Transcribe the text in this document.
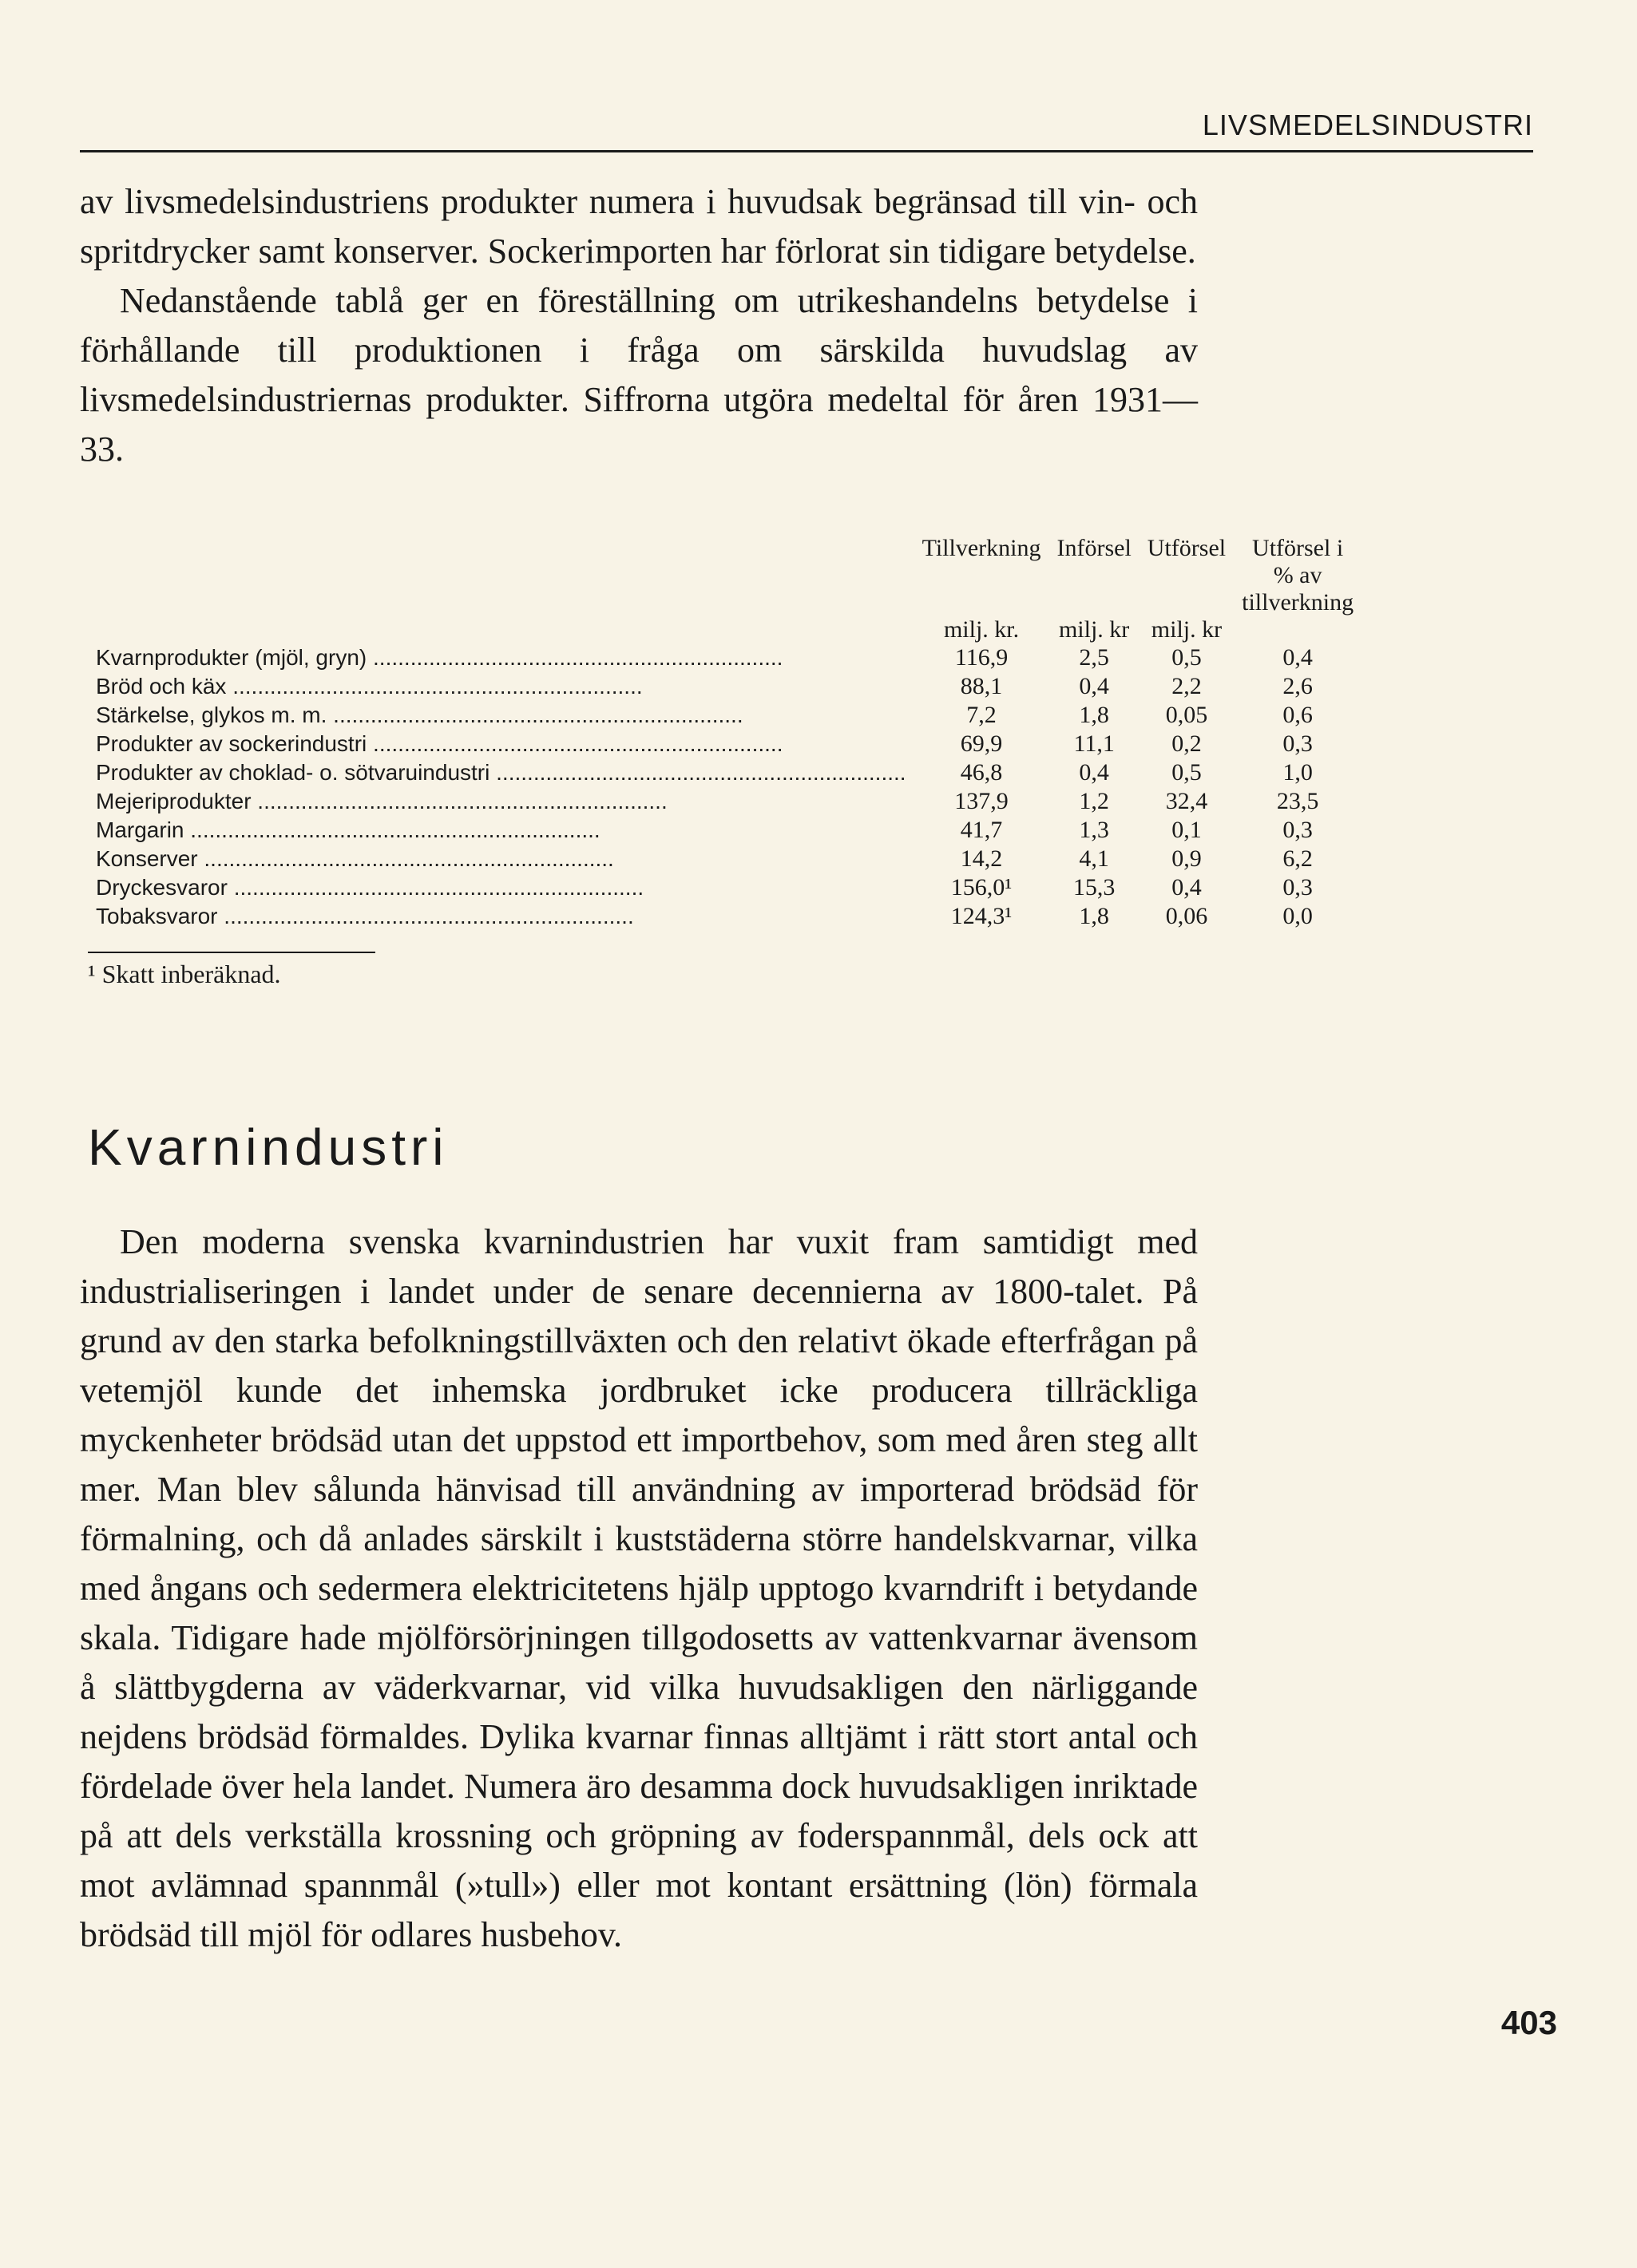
LIVSMEDELSINDUSTRI

av livsmedelsindustriens produkter numera i huvudsak begränsad till vin- och spritdrycker samt konserver. Sockerimporten har förlorat sin tidigare betydelse.

Nedanstående tablå ger en föreställning om utrikeshandelns betydelse i förhållande till produktionen i fråga om särskilda huvudslag av livsmedelsindustriernas produkter. Siffrorna utgöra medeltal för åren 1931—33.

	Tillverkning	Införsel	Utförsel	Utförsel i % av tillverkning
	milj. kr.	milj. kr	milj. kr	
Kvarnprodukter (mjöl, gryn) .....	116,9	2,5	0,5	0,4
Bröd och käx .....	88,1	0,4	2,2	2,6
Stärkelse, glykos m. m. .....	7,2	1,8	0,05	0,6
Produkter av sockerindustri .....	69,9	11,1	0,2	0,3
Produkter av choklad- o. sötvaruindustri .....	46,8	0,4	0,5	1,0
Mejeriprodukter .....	137,9	1,2	32,4	23,5
Margarin .....	41,7	1,3	0,1	0,3
Konserver .....	14,2	4,1	0,9	6,2
Dryckesvaror .....	156,0¹	15,3	0,4	0,3
Tobaksvaror .....	124,3¹	1,8	0,06	0,0
¹ Skatt inberäknad.
Kvarnindustri

Den moderna svenska kvarnindustrien har vuxit fram samtidigt med industrialiseringen i landet under de senare decennierna av 1800-talet. På grund av den starka befolkningstillväxten och den relativt ökade efterfrågan på vetemjöl kunde det inhemska jordbruket icke producera tillräckliga myckenheter brödsäd utan det uppstod ett importbehov, som med åren steg allt mer. Man blev sålunda hänvisad till användning av importerad brödsäd för förmalning, och då anlades särskilt i kuststäderna större handelskvarnar, vilka med ångans och sedermera elektricitetens hjälp upptogo kvarndrift i betydande skala. Tidigare hade mjölförsörjningen tillgodosetts av vattenkvarnar ävensom å slättbygderna av väderkvarnar, vid vilka huvudsakligen den närliggande nejdens brödsäd förmaldes. Dylika kvarnar finnas alltjämt i rätt stort antal och fördelade över hela landet. Numera äro desamma dock huvudsakligen inriktade på att dels verkställa krossning och gröpning av foderspannmål, dels ock att mot avlämnad spannmål (»tull») eller mot kontant ersättning (lön) förmala brödsäd till mjöl för odlares husbehov.

403
